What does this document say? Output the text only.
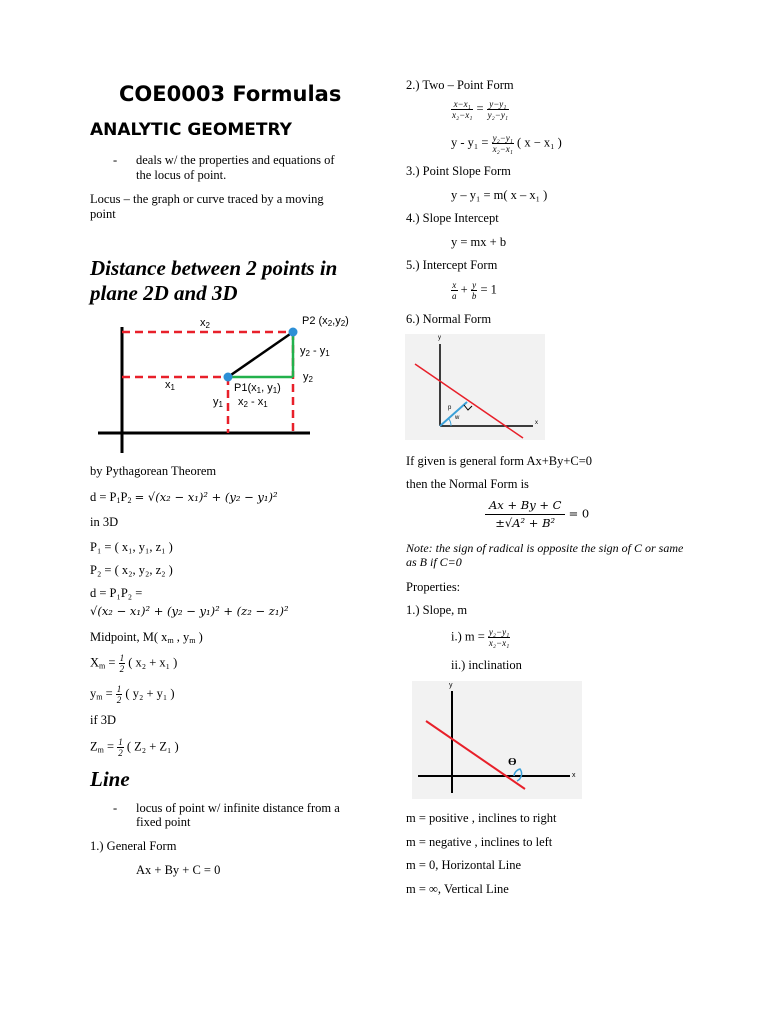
COE0003 Formulas
ANALYTIC GEOMETRY
- deals w/ the properties and equations of
the locus of point.
Locus – the graph or curve traced by a moving
point
Distance between 2 points in plane 2D and 3D
$x_2$	P2 $(x_2,y_2)$
$y_2 - y_1$
$y_2$
$x_1$	$P1(x_1$, $y_1$)
$y_1$ $x_2 - x_1$
by Pythagorean Theorem
$d = P_1P_2 = √(x_2 - x_1)^2 + (y_2 - y_1)^2$
in 3D
P₁ = ( x₁, y₁, z₁ )
P₂ = ( x₂, y₂, z₂ )
d = P₁P₂ =
√(x₂ − x₁)² + (y₂ − y₁)² + (z₂ − z₁)²
Midpoint, M( $x_m$ , $y_m$ )
$X_m = \frac{1}{2}$ ( x₂ + x₁ )
$y_m = \frac{1}{2}$ ( y₂ + y₁ )
if 3D
$Z_m = \frac{1}{2}$ ( Z₂ + Z₁ )
Line
- locus of point w/ infinite distance from a
fixed point
1.) General Form
Ax + By + C = 0
2.) Two – Point Form
$\frac{\text{x−x₁}}{\text{x₂−x₁}} = \frac{\text{y−y₁}}{\text{y₂−y₁}}$
$y - y_1 = \frac{\text{y₂−y₁}}{\text{x₂−x₁}}$ ( x − x₁ )
3.) Point Slope Form
y – y₁ = m( x – x₁ )
4.) Slope Intercept
y = mx + b
5.) Intercept Form
$\frac{x}{a} + \frac{y}{b} = 1$
6.) Normal Form
y
x
p
w
If given is general form Ax+By+C=0
then the Normal Form is
$\frac{Ax + By + C}{\text{±√A² + B²}} = 0$
Note: the sign of radical is opposite the sign of C or same as B if C=0
Properties:
1.) Slope, m
i.) $m = \frac{\text{y₂−y₁}}{\text{x₂−x₁}}$
ii.) inclination
y
x
ϴ
m = positive , inclines to right
m = negative , inclines to left
m = 0, Horizontal Line
m = ∞, Vertical Line
